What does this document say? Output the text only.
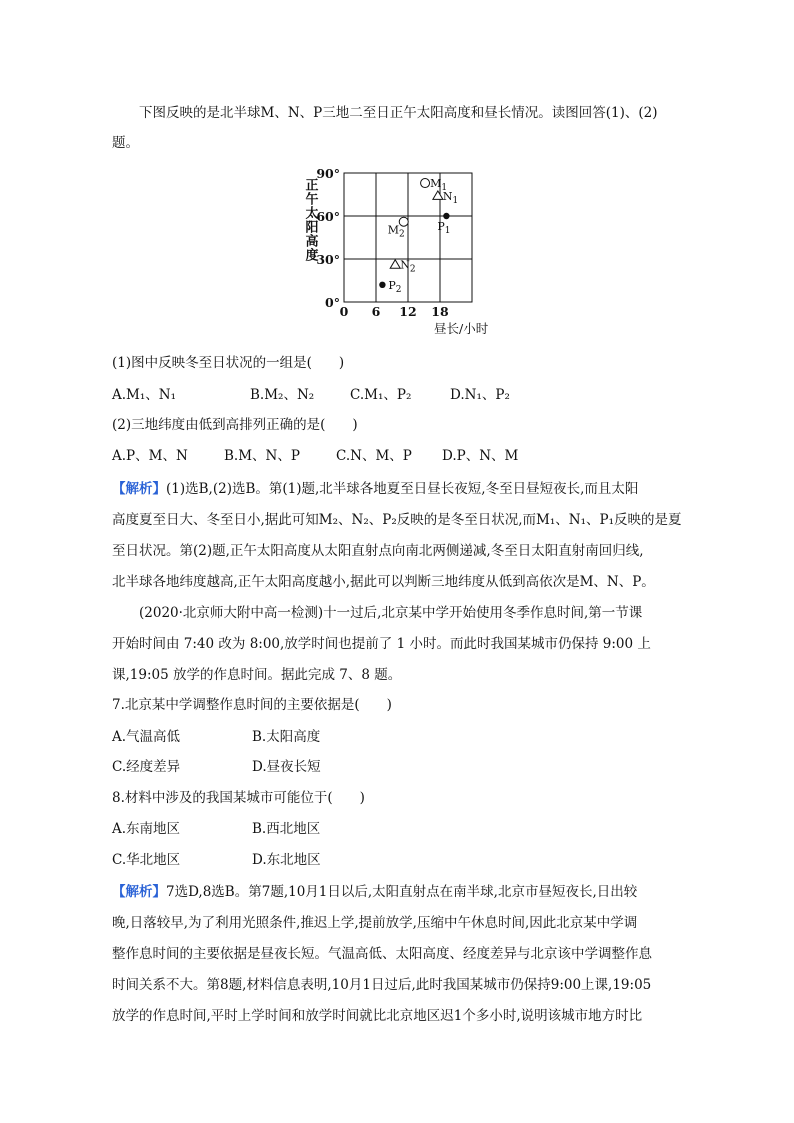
下图反映的是北半球M、N、P三地二至日正午太阳高度和昼长情况。读图回答(1)、(2)

题。

正午太阳高度
0°
30°
60°
90°
0 6 12 18
$M_1$
$N_1$
$P_1$
$M_2$
$N_2$
$P_2$
昼长/小时

(1)图中反映冬至日状况的一组是(　　)

A.M₁、N₁	B.M₂、N₂	C.M₁、P₂	D.N₁、P₂

(2)三地纬度由低到高排列正确的是(　　)

A.P、M、N	B.M、N、P	C.N、M、P	D.P、N、M

【解析】(1)选B,(2)选B。第(1)题,北半球各地夏至日昼长夜短,冬至日昼短夜长,而且太阳

高度夏至日大、冬至日小,据此可知M₂、N₂、P₂反映的是冬至日状况,而M₁、N₁、P₁反映的是夏

至日状况。第(2)题,正午太阳高度从太阳直射点向南北两侧递减,冬至日太阳直射南回归线,

北半球各地纬度越高,正午太阳高度越小,据此可以判断三地纬度从低到高依次是M、N、P。

(2020·北京师大附中高一检测)十一过后,北京某中学开始使用冬季作息时间,第一节课

开始时间由 7:40 改为 8:00,放学时间也提前了 1 小时。而此时我国某城市仍保持 9:00 上

课,19:05 放学的作息时间。据此完成 7、8 题。

7.北京某中学调整作息时间的主要依据是(　　)

A.气温高低	B.太阳高度
C.经度差异	D.昼夜长短

8.材料中涉及的我国某城市可能位于(　　)

A.东南地区	B.西北地区
C.华北地区	D.东北地区

【解析】7选D,8选B。第7题,10月1日以后,太阳直射点在南半球,北京市昼短夜长,日出较

晚,日落较早,为了利用光照条件,推迟上学,提前放学,压缩中午休息时间,因此北京某中学调

整作息时间的主要依据是昼夜长短。气温高低、太阳高度、经度差异与北京该中学调整作息

时间关系不大。第8题,材料信息表明,10月1日过后,此时我国某城市仍保持9:00上课,19:05

放学的作息时间,平时上学时间和放学时间就比北京地区迟1个多小时,说明该城市地方时比
